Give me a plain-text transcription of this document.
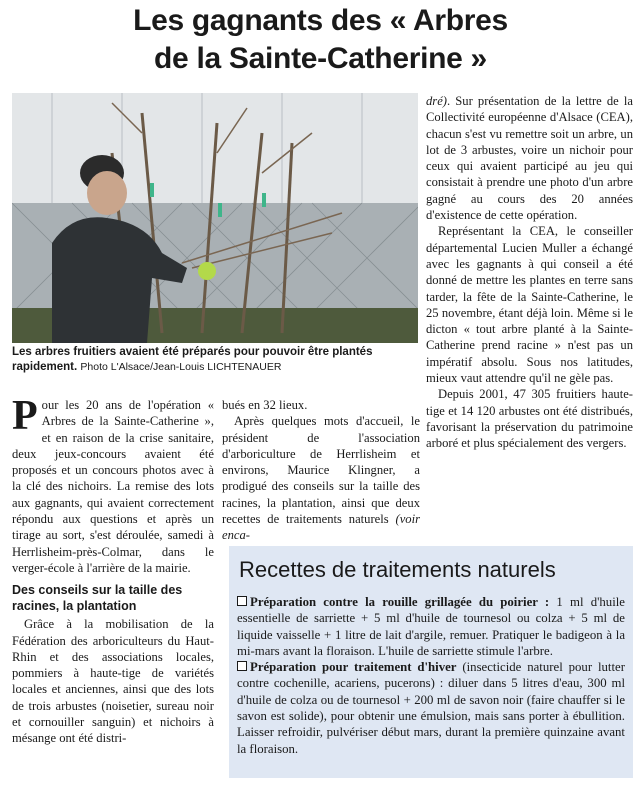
Les gagnants des « Arbres
de la Sainte-Catherine »
Les arbres fruitiers avaient été préparés pour pouvoir être plantés rapidement. Photo L'Alsace/Jean-Louis LICHTENAUER

Pour les 20 ans de l'opération « Arbres de la Sainte-Catherine », et en raison de la crise sanitaire, deux jeux-concours avaient été proposés et un concours photos avec à la clé des nichoirs. La remise des lots aux gagnants, qui avaient correctement répondu aux questions et après un tirage au sort, s'est déroulée, samedi à Herrlisheim-près-Colmar, dans le verger-école à l'arrière de la mairie.

Des conseils sur la taille des racines, la plantation

Grâce à la mobilisation de la Fédération des arboriculteurs du Haut-Rhin et des associations locales, pommiers à haute-tige de variétés locales et anciennes, ainsi que des lots de trois arbustes (noisetier, sureau noir et cornouiller sanguin) et nichoirs à mésange ont été distri-

bués en 32 lieux.

Après quelques mots d'accueil, le président de l'association d'arboriculture de Herrlisheim et environs, Maurice Klingner, a prodigué des conseils sur la taille des racines, la plantation, ainsi que deux recettes de traitements naturels (voir enca-

dré). Sur présentation de la lettre de la Collectivité européenne d'Alsace (CEA), chacun s'est vu remettre soit un arbre, un lot de 3 arbustes, voire un nichoir pour ceux qui avaient participé au jeu qui consistait à prendre une photo d'un arbre gagné au cours des 20 années d'existence de cette opération.

Représentant la CEA, le conseiller départemental Lucien Muller a échangé avec les gagnants à qui conseil a été donné de mettre les plantes en terre sans tarder, la fête de la Sainte-Catherine, le 25 novembre, étant déjà loin. Même si le dicton « tout arbre planté à la Sainte-Catherine prend racine » n'est pas un impératif absolu. Sous nos latitudes, mieux vaut attendre qu'il ne gèle pas.

Depuis 2001, 47 305 fruitiers haute-tige et 14 120 arbustes ont été distribués, favorisant la préservation du patrimoine arboré et plus spécialement des vergers.

Recettes de traitements naturels

Préparation contre la rouille grillagée du poirier : 1 ml d'huile essentielle de sarriette + 5 ml d'huile de tournesol ou colza + 5 ml de liquide vaisselle + 1 litre de lait d'argile, remuer. Pratiquer le badigeon à la mi-mars avant la floraison. L'huile de sarriette stimule l'arbre.

Préparation pour traitement d'hiver (insecticide naturel pour lutter contre cochenille, acariens, pucerons) : diluer dans 5 litres d'eau, 300 ml d'huile de colza ou de tournesol + 200 ml de savon noir (faire chauffer si le savon est solide), pour obtenir une émulsion, mais sans porter à ébullition. Laisser refroidir, pulvériser début mars, durant la première quinzaine avant la floraison.
